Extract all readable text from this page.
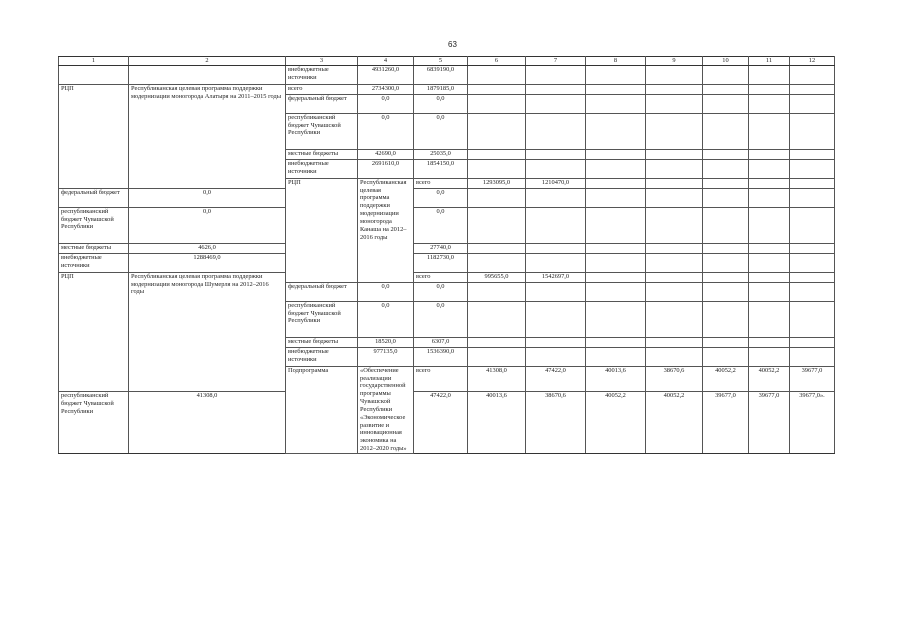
63
1	2	3	4	5	6	7	8	9	10	11	12	
		внебюджетные источники	4931260,0	6839190,0								
РЦП	Республиканская целевая программа поддержки модернизации моногорода Алатыря на 2011–2015 годы	всего	2734300,0	1879185,0								
		федеральный бюджет	0,0	0,0								
		республиканский бюджет Чувашской Республики	0,0	0,0								
		местные бюджеты	42690,0	25035,0								
		внебюджетные источники	2691610,0	1854150,0								
		РЦП	Республиканская целевая программа поддержки модернизации моногорода Канаша на 2012–2016 годы	всего	1293095,0	1210470,0							
федеральный бюджет	0,0			0,0								
республиканский бюджет Чувашской Республики	0,0			0,0								
местные бюджеты	4626,0			27740,0								
внебюджетные источники	1288469,0			1182730,0								
РЦП	Республиканская целевая программа поддержки модернизации моногорода Шумерля на 2012–2016 годы			всего	995655,0	1542697,0							
		федеральный бюджет	0,0	0,0								
		республиканский бюджет Чувашской Республики	0,0	0,0								
		местные бюджеты	18520,0	6307,0								
		внебюджетные источники	977135,0	1536390,0								
		Подпрограмма	«Обеспечение реализации государственной программы Чувашской Республики «Экономическое развитие и инновационная экономика на 2012–2020 годы»	всего	41308,0	47422,0	40013,6	38670,6	40052,2	40052,2	39677,0		
республиканский бюджет Чувашской Республики	41308,0			47422,0	40013,6	38670,6	40052,2	40052,2	39677,0	39677,0	39677,0».	
